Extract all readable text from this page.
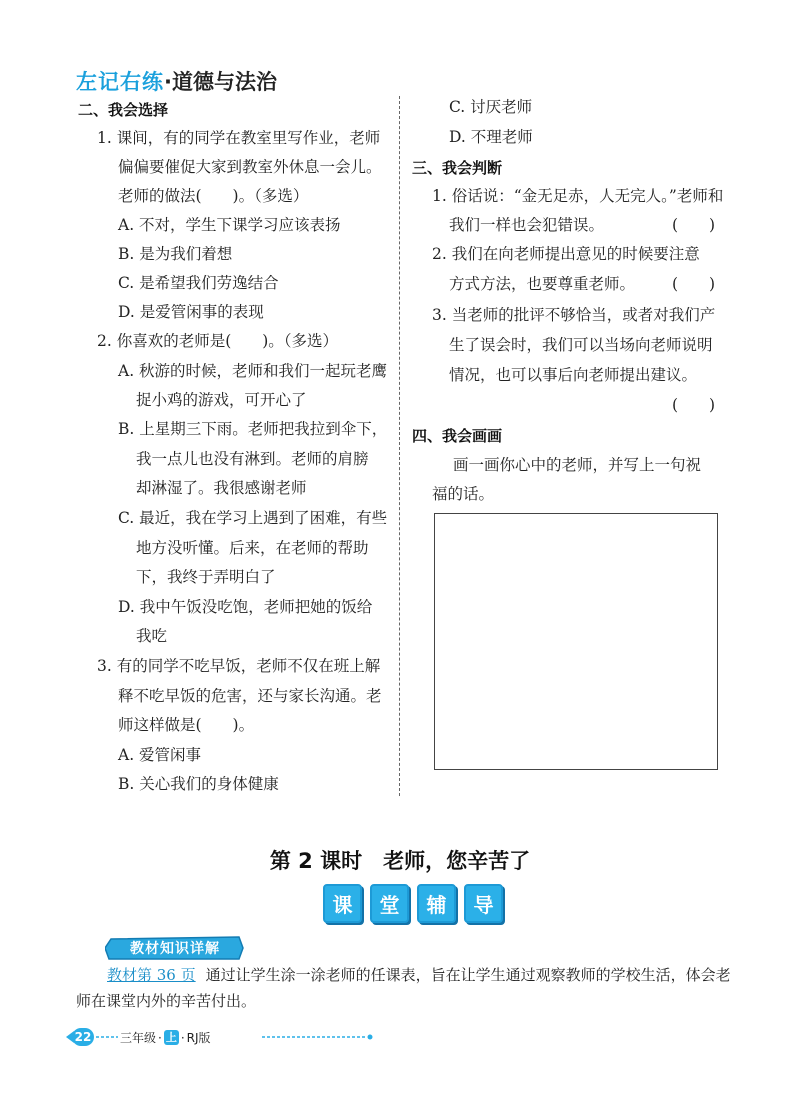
左记右练·道德与法治
二、我会选择
1. 课间，有的同学在教室里写作业，老师
偏偏要催促大家到教室外休息一会儿。
老师的做法(　　)。（多选）
A. 不对，学生下课学习应该表扬
B. 是为我们着想
C. 是希望我们劳逸结合
D. 是爱管闲事的表现
2. 你喜欢的老师是(　　)。（多选）
A. 秋游的时候，老师和我们一起玩老鹰
捉小鸡的游戏，可开心了
B. 上星期三下雨。老师把我拉到伞下，
我一点儿也没有淋到。老师的肩膀
却淋湿了。我很感谢老师
C. 最近，我在学习上遇到了困难，有些
地方没听懂。后来，在老师的帮助
下，我终于弄明白了
D. 我中午饭没吃饱，老师把她的饭给
我吃
3. 有的同学不吃早饭，老师不仅在班上解
释不吃早饭的危害，还与家长沟通。老
师这样做是(　　)。
A. 爱管闲事
B. 关心我们的身体健康
C. 讨厌老师
D. 不理老师
三、我会判断
1. 俗话说：“金无足赤，人无完人。”老师和
我们一样也会犯错误。	(　　)
2. 我们在向老师提出意见的时候要注意
方式方法，也要尊重老师。 (　　)
3. 当老师的批评不够恰当，或者对我们产
生了误会时，我们可以当场向老师说明
情况，也可以事后向老师提出建议。
(　　)
四、我会画画
画一画你心中的老师，并写上一句祝
福的话。
第 2 课时　老师，您辛苦了
课	堂	辅	导
教材知识详解
教材第 36 页 通过让学生涂一涂老师的任课表，旨在让学生通过观察教师的学校生活，体会老
师在课堂内外的辛苦付出。
22 三年级 · 上 · RJ版
